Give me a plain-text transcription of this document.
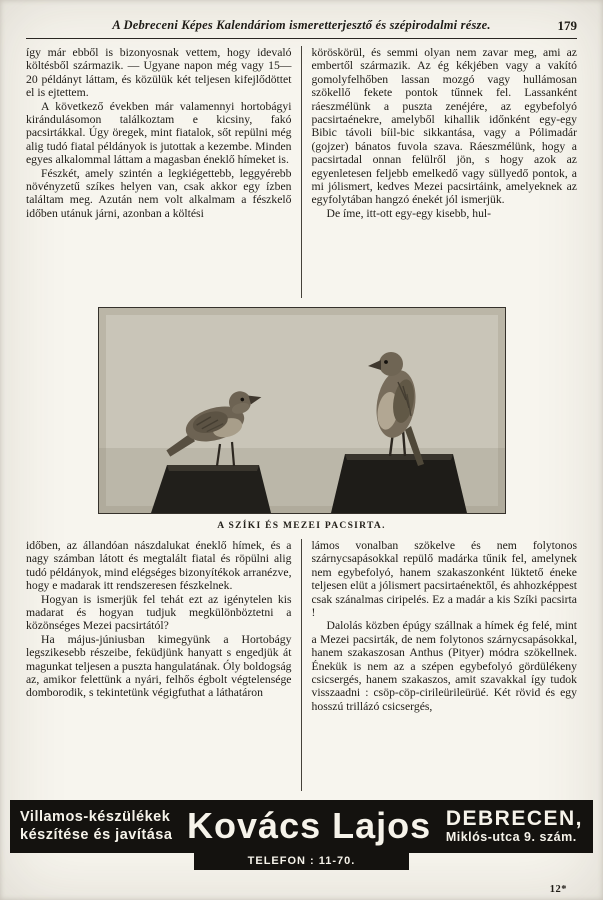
A Debreceni Képes Kalendáriom ismeretterjesztő és szépirodalmi része.	179

így már ebből is bizonyosnak vettem, hogy idevaló költésből származik. — Ugyane napon még vagy 15—20 példányt láttam, és közülük két teljesen kifejlődöttet el is ejtettem.

A következő években már valamennyi hortobágyi kirándulásomon találkoztam e kicsiny, fakó pacsirtákkal. Úgy öregek, mint fiatalok, sőt repülni még alig tudó fiatal példányok is jutottak a kezembe. Minden egyes alkalommal láttam a magasban éneklő hímeket is.

Fészkét, amely szintén a legkiégettebb, leggyérebb növényzetű szíkes helyen van, csak akkor egy ízben találtam meg. Azután nem volt alkalmam a fészkelő időben utánuk járni, azonban a költési

köröskörül, és semmi olyan nem zavar meg, ami az embertől származik. Az ég kékjében vagy a vakító gomolyfelhőben lassan mozgó vagy hullámosan szökellő fekete pontok tűnnek fel. Lassanként ráeszmélünk a puszta zenéjére, az egybefolyó pacsirtaénekre, amelyből kihallik időnként egy-egy Bibic távoli bíil-bic sikkantása, vagy a Pólimadár (gojzer) bánatos fuvola szava. Ráeszmélünk, hogy a pacsirtadal onnan felülről jön, s hogy azok az egyenletesen feljebb emelkedő vagy süllyedő pontok, a mi jólismert, kedves Mezei pacsirtáink, amelyeknek az egyfolytában hangzó énekét jól ismerjük.

De íme, itt-ott egy-egy kisebb, hul-

A SZÍKI ÉS MEZEI PACSIRTA.

időben, az állandóan nászdalukat éneklő hímek, és a nagy számban látott és megtalált fiatal és röpülni alig tudó példányok, mind elégséges bizonyítékok arranézve, hogy e madarak itt rendszeresen fészkelnek.

Hogyan is ismerjük fel tehát ezt az igénytelen kis madarat és hogyan tudjuk megkülönböztetni a közönséges Mezei pacsirtától?

Ha május-júniusban kimegyünk a Hortobágy legszikesebb részeibe, feküdjünk hanyatt s engedjük át magunkat teljesen a puszta hangulatának. Óly boldogság az, amikor felettünk a nyári, felhős égbolt végtelensége domborodik, s tekintetünk végigfuthat a láthatáron

lámos vonalban szökelve és nem folytonos szárnycsapásokkal repülő madárka tűnik fel, amelynek nem egybefolyó, hanem szakaszonként lüktető éneke teljesen elüt a jólismert pacsirtaénektől, és ahhozképpest csak szánalmas ciripelés. Ez a madár a kis Szíki pacsirta !

Dalolás közben épúgy szállnak a hímek ég felé, mint a Mezei pacsirták, de nem folytonos szárnycsapásokkal, hanem szakaszosan Anthus (Pityer) módra szökellnek. Énekük is nem az a szépen egybefolyó gördülékeny csicsergés, hanem szakaszos, amit szavakkal így tudok visszaadni : csöp-cöp-cirileürileürüé. Két rövid és egy hosszú trillázó csicsergés,

Villamos-készülékek
készítése és javítása Kovács Lajos DEBRECEN,
Miklós-utca 9. szám.
TELEFON : 11-70.
12*
